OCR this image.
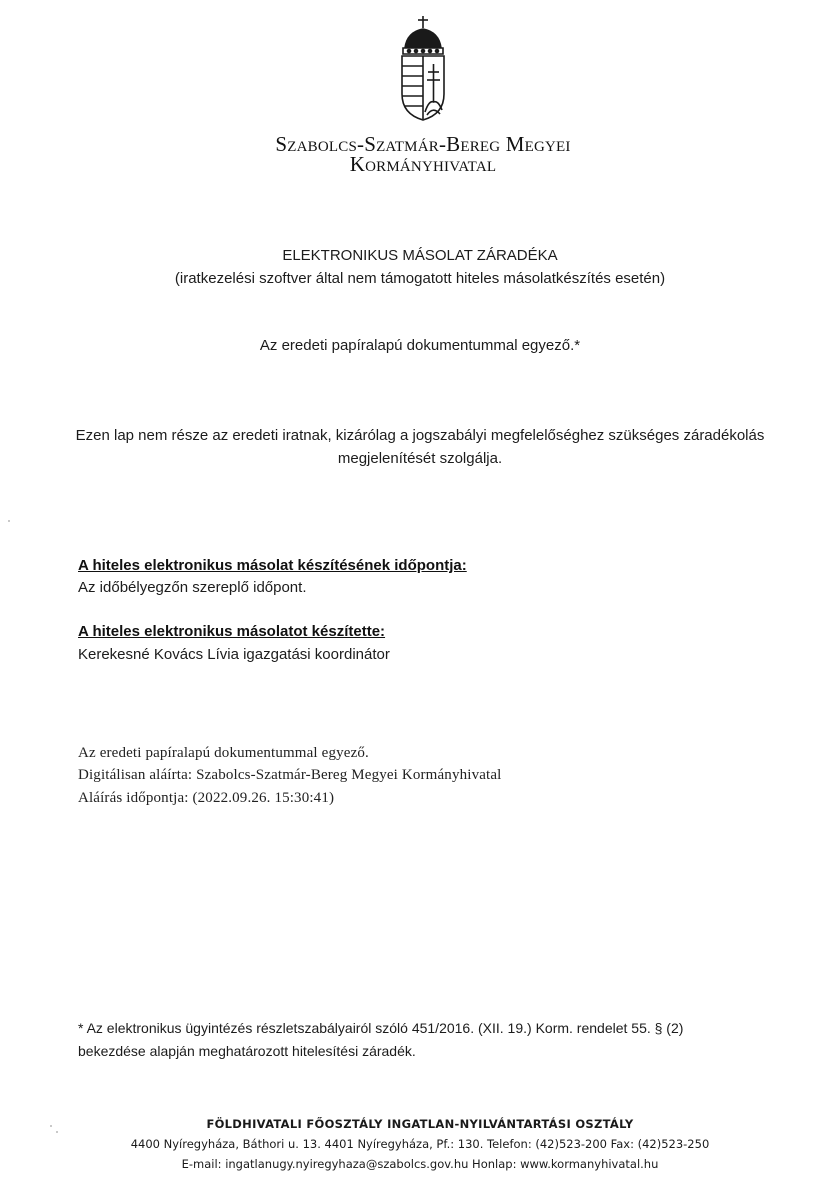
Szabolcs-Szatmár-Bereg Megyei
Kormányhivatal
ELEKTRONIKUS MÁSOLAT ZÁRADÉKA
(iratkezelési szoftver által nem támogatott hiteles másolatkészítés esetén)
Az eredeti papíralapú dokumentummal egyező.*
Ezen lap nem része az eredeti iratnak, kizárólag a jogszabályi megfelelőséghez szükséges záradékolás
megjelenítését szolgálja.
A hiteles elektronikus másolat készítésének időpontja:
Az időbélyegzőn szereplő időpont.
A hiteles elektronikus másolatot készítette:
Kerekesné Kovács Lívia igazgatási koordinátor
Az eredeti papíralapú dokumentummal egyező.
Digitálisan aláírta: Szabolcs-Szatmár-Bereg Megyei Kormányhivatal
Aláírás időpontja: (2022.09.26. 15:30:41)
* Az elektronikus ügyintézés részletszabályairól szóló 451/2016. (XII. 19.) Korm. rendelet 55. § (2)
bekezdése alapján meghatározott hitelesítési záradék.
FÖLDHIVATALI FŐOSZTÁLY INGATLAN-NYILVÁNTARTÁSI OSZTÁLY
4400 Nyíregyháza, Báthori u. 13. 4401 Nyíregyháza, Pf.: 130. Telefon: (42)523-200 Fax: (42)523-250
E-mail: ingatlanugy.nyiregyhaza@szabolcs.gov.hu Honlap: www.kormanyhivatal.hu
